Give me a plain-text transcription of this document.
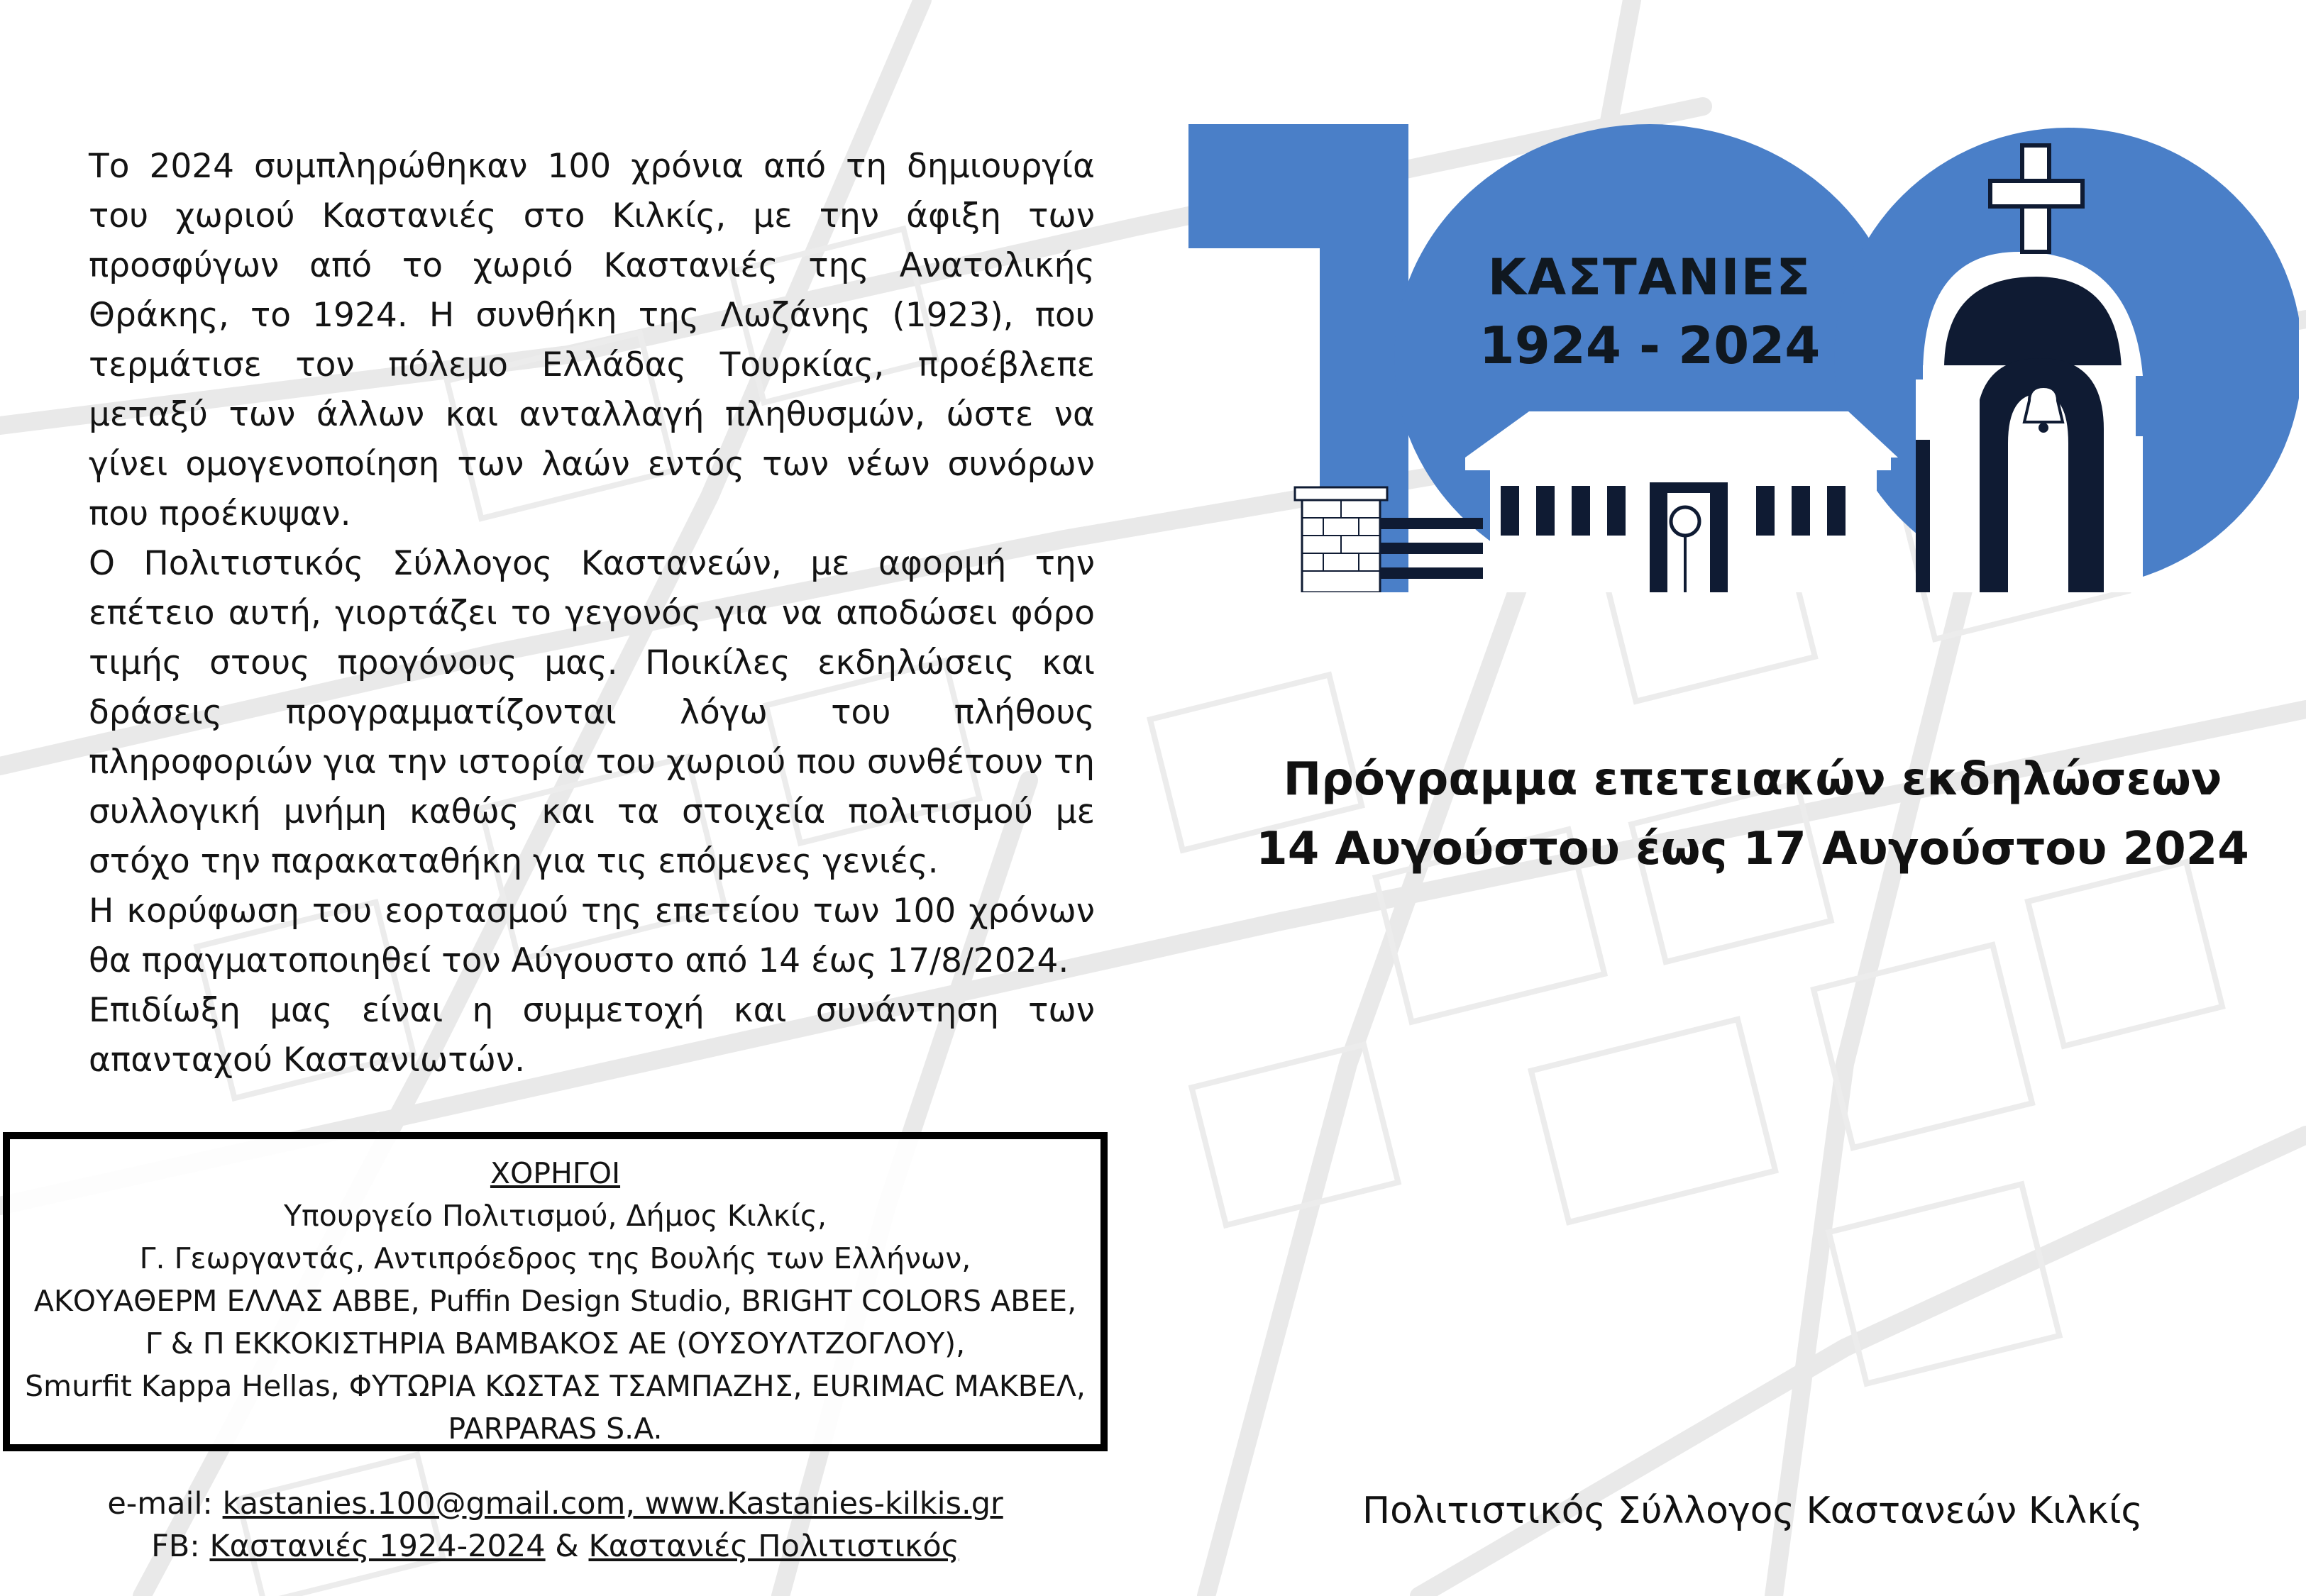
Το 2024 συμπληρώθηκαν 100 χρόνια από τη δημιουργία του χωριού Καστανιές στο Κιλκίς, με την άφιξη των προσφύγων από το χωριό Καστανιές της Ανατολικής Θράκης, το 1924. Η συνθήκη της Λωζάνης (1923), που τερμάτισε τον πόλεμο Ελλάδας Τουρκίας, προέβλεπε μεταξύ των άλλων και ανταλλαγή πληθυσμών, ώστε να γίνει ομογενοποίηση των λαών εντός των νέων συνόρων που προέκυψαν.

Ο Πολιτιστικός Σύλλογος Καστανεών, με αφορμή την επέτειο αυτή, γιορτάζει το γεγονός για να αποδώσει φόρο τιμής στους προγόνους μας. Ποικίλες εκδηλώσεις και δράσεις προγραμματίζονται λόγω του πλήθους πληροφοριών για την ιστορία του χωριού που συνθέτουν τη συλλογική μνήμη καθώς και τα στοιχεία πολιτισμού με στόχο την παρακαταθήκη για τις επόμενες γενιές.

Η κορύφωση του εορτασμού της επετείου των 100 χρόνων θα πραγματοποιηθεί τον Αύγουστο από 14 έως 17/8/2024.

Επιδίωξη μας είναι η συμμετοχή και συνάντηση των απανταχού Καστανιωτών.

ΧΟΡΗΓΟΙ
Υπουργείο Πολιτισμού, Δήμος Κιλκίς,
Γ. Γεωργαντάς, Αντιπρόεδρος της Βουλής των Ελλήνων,
ΑΚΟΥΑΘΕΡΜ ΕΛΛΑΣ ΑΒΒΕ, Puffin Design Studio, BRIGHT COLORS ABEE,
Γ & Π ΕΚΚΟΚΙΣΤΗΡΙΑ ΒΑΜΒΑΚΟΣ ΑΕ (ΟΥΣΟΥΛΤΖΟΓΛΟΥ),
Smurfit Kappa Hellas, ΦΥΤΩΡΙΑ ΚΩΣΤΑΣ ΤΣΑΜΠΑΖΗΣ, EURIMAC ΜΑΚΒΕΛ,
PARPARAS S.A.
e-mail: kastanies.100@gmail.com, www.Kastanies-kilkis.gr
FB: Καστανιές 1924-2024 & Καστανιές Πολιτιστικός
ΚΑΣΤΑΝΙΕΣ
1924 - 2024
Πρόγραμμα επετειακών εκδηλώσεων
14 Αυγούστου έως 17 Αυγούστου 2024
Πολιτιστικός Σύλλογος Καστανεών Κιλκίς
